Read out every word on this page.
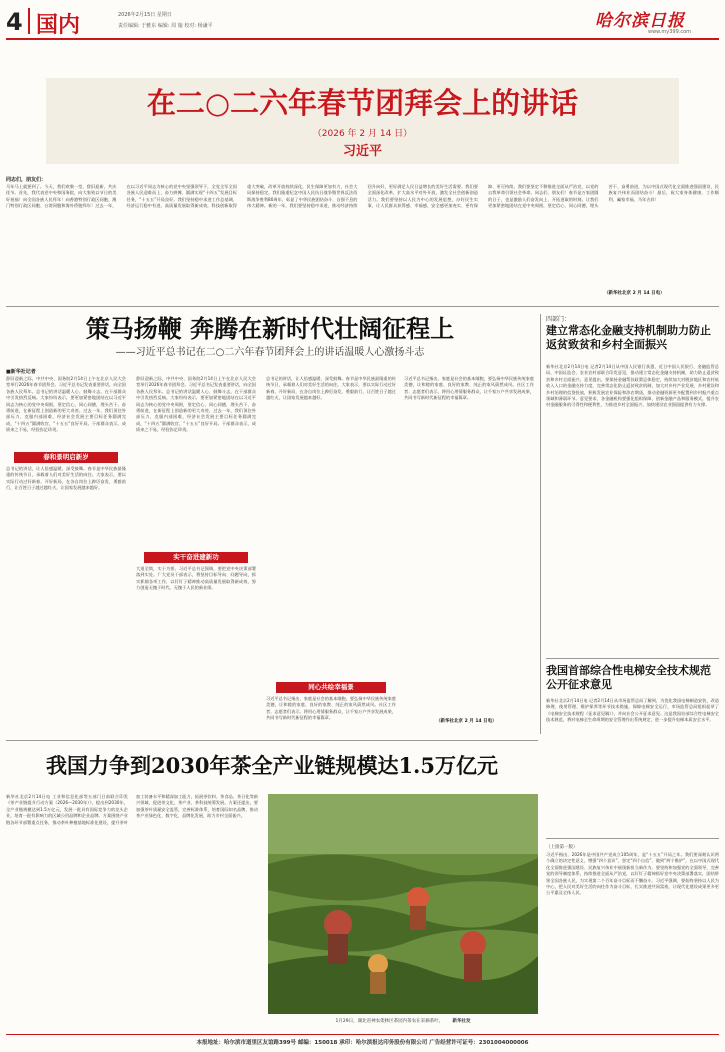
4 国内	2026年2月15日 星期日
责任编辑: 于雅东 编辑: 周 璇 校对: 杨谦平	哈尔滨日报
www.my399.com
在二○二六年春节团拜会上的讲话
（2026 年 2 月 14 日）
习近平
同志们，朋友们：
马年马上就要到了。今天，我们欢聚一堂，辞旧迎新，共庆佳节。首先，我代表党中央和国务院，向大家致以节日的美好祝福！向全国各族人民拜年！向香港特别行政区同胞、澳门特别行政区同胞、台湾同胞和海外侨胞拜年！过去一年，在以习近平同志为核心的党中央坚强领导下，全党全军全国各族人民迎难而上、奋力拼搏，圆满实现“十四五”发展目标任务，“十五五”开局良好。我们坚持稳中求进工作总基调，经济运行稳中有进，高质量发展取得新成效，科技创新取得重大突破，改革开放持续深化，民生保障更加有力，社会大局保持稳定。我们隆重纪念中国人民抗日战争暨世界反法西斯战争胜利80周年，彰显了中华民族团结奋斗、自强不息的伟大精神。新的一年，我们要坚持稳中求进，推动经济持续回升向好，更好满足人民日益增长的美好生活需要。我们要全面深化改革，扩大高水平对外开放，激发全社会创新创造活力。我们要坚持以人民为中心的发展思想，办好民生实事，让人民群众获得感、幸福感、安全感更加充实、更有保障、更可持续。我们要坚定不移推进全面从严治党，以党的自我革命引领社会革命。同志们、朋友们！春节是万家团圆的日子，也是激励人们奋发向上、开拓进取的时刻。让我们更加紧密地团结在党中央周围，坚定信心、同心同德，埋头苦干、奋勇前进，为以中国式现代化全面推进强国建设、民族复兴伟业而团结奋斗！最后，祝大家身体健康、工作顺利、阖家幸福、马年吉祥！
（新华社北京 2 月 14 日电）
策马扬鞭 奔腾在新时代壮阔征程上
——习近平总书记在二○二六年春节团拜会上的讲话温暖人心激扬斗志
■新华社记者
辞旧迎新之际，中共中央、国务院2月14日上午在北京人民大会堂举行2026年春节团拜会。习近平总书记发表重要讲话，向全国各族人民拜年。总书记的讲话温暖人心、鼓舞斗志，在干部群众中引发热烈反响。大家纷纷表示，要更加紧密地团结在以习近平同志为核心的党中央周围，坚定信心、同心同德，埋头苦干、奋勇前进，在新征程上创造新的更大奇迹。过去一年，我们顶住外部压力、克服内部困难，经济社会发展主要目标任务圆满完成，“十四五”圆满收官，“十五五”良好开局。干部群众表示，成绩来之不易，经验弥足珍贵。
春和景明启新岁
总书记的讲话，让人倍感温暖、深受鼓舞。春节是中华民族最隆重的传统节日，承载着人们对美好生活的向往。大家表示，要以实际行动过好新春、开好新局，在各自岗位上踔厉奋发、勇毅前行，让百姓日子越过越红火，让国家发展越来越好。
辞旧迎新之际，中共中央、国务院2月14日上午在北京人民大会堂举行2026年春节团拜会。习近平总书记发表重要讲话，向全国各族人民拜年。总书记的讲话温暖人心、鼓舞斗志，在干部群众中引发热烈反响。大家纷纷表示，要更加紧密地团结在以习近平同志为核心的党中央周围，坚定信心、同心同德，埋头苦干、奋勇前进，在新征程上创造新的更大奇迹。过去一年，我们顶住外部压力、克服内部困难，经济社会发展主要目标任务圆满完成，“十四五”圆满收官，“十五五”良好开局。干部群众表示，成绩来之不易，经验弥足珍贵。
实干奋进建新功
大道至简，实干为要。习近平总书记强调，要把党中央决策部署落到实处。广大党员干部表示，将坚持目标导向、问题导向，抓实抓细各项工作，以钉钉子精神推动高质量发展取得新成效，努力创造无愧于时代、无愧于人民的新业绩。
总书记的讲话，让人倍感温暖、深受鼓舞。春节是中华民族最隆重的传统节日，承载着人们对美好生活的向往。大家表示，要以实际行动过好新春、开好新局，在各自岗位上踔厉奋发、勇毅前行，让百姓日子越过越红火，让国家发展越来越好。
同心共绘幸福景
习近平总书记指出，家庭是社会的基本细胞，要弘扬中华民族传统家庭美德，让和睦的家庭、良好的家教、纯正的家风蔚然成风。社区工作者、志愿者们表示，将用心用情服务群众，让千家万户共享发展成果，共同书写新时代新征程的幸福篇章。
习近平总书记指出，家庭是社会的基本细胞，要弘扬中华民族传统家庭美德，让和睦的家庭、良好的家教、纯正的家风蔚然成风。社区工作者、志愿者们表示，将用心用情服务群众，让千家万户共享发展成果，共同书写新时代新征程的幸福篇章。
（新华社北京 2 月 14 日电）
四部门：
建立常态化金融支持机制助力防止返贫致贫和乡村全面振兴
新华社北京2月14日电 记者2月14日从中国人民银行获悉，近日中国人民银行、金融监管总局、中国证监会、农业农村部联合印发意见，推动建立常态化金融支持机制，助力防止返贫致贫和乡村全面振兴。意见提出，要保持金融帮扶政策总体稳定，持续加大对脱贫地区和农村低收入人口的金融支持力度，完善常态化防止返贫致贫机制，加大对乡村产业发展、乡村建设和乡村治理的信贷投放，积极发展农业保险和涉农期货，推动金融资源更多配置到乡村振兴重点领域和薄弱环节。意见要求，各金融机构要强化组织保障，创新金融产品和服务模式，提升农村金融服务的可得性和便利性，为推进乡村全面振兴、加快建设农业强国提供有力支撑。
我国首部综合性电梯安全技术规范公开征求意见
新华社北京2月14日电 记者2月14日从市场监管总局了解到，为优化我国电梯制造安装、改造修理、使用管理、维护保养等环节技术措施，保障电梯安全运行，市场监管总局组织起草了《电梯安全技术规程（征求意见稿）》，并向社会公开征求意见。这是我国首部综合性电梯安全技术规范，将对电梯全生命周期的安全管理作出系统规定，进一步提升电梯本质安全水平。
（上接第一版）
习近平指出，2026年是中国共产党成立105周年，是“十五五”开局之年。我们要深刻认识两个确立的决定性意义，增强“四个意识”、坚定“四个自信”、做到“两个维护”，在以中国式现代化全面推进强国建设、民族复兴伟业中展现新担当新作为。要坚持和加强党的全面领导，完善党的领导制度体系，持续推进全面从严治党，以钉钉子精神抓好党中央决策部署落实，团结带领全国各族人民，为实现第二个百年奋斗目标而不懈奋斗。习近平强调，要始终坚持以人民为中心，把人民对美好生活的向往作为奋斗目标，扎实推进共同富裕，让现代化建设成果更多更公平惠及全体人民。
我国力争到2030年茶全产业链规模达1.5万亿元
新华社北京2月14日电 工业和信息化部等五部门日前联合印发《茶产业链提升行动方案（2026—2030年）》，提出到2030年，全产业链规模达到1.5万亿元，发展一批具有国际竞争力的龙头企业，培育一批有影响力的区域公用品牌和企业品牌。方案围绕产业链各环节部署重点任务，推动茶叶种植基地标准化建设，提升茶叶加工装备水平和精深加工能力，拓展茶饮料、茶食品、茶日化等新兴领域，促进茶文化、茶产业、茶科技统筹发展。方案还提出，要加强茶叶质量安全监管，完善标准体系，培育国际知名品牌，推动茶产业绿色化、数字化、品牌化发展，助力乡村全面振兴。
1月29日，湖北省神农架林区茶园内茶农在采摘茶叶。 新华社发
本报地址：哈尔滨市道里区友谊路399号 邮编：150018 承印：哈尔滨报达印务股份有限公司 广告经营许可证号：2301004000006
